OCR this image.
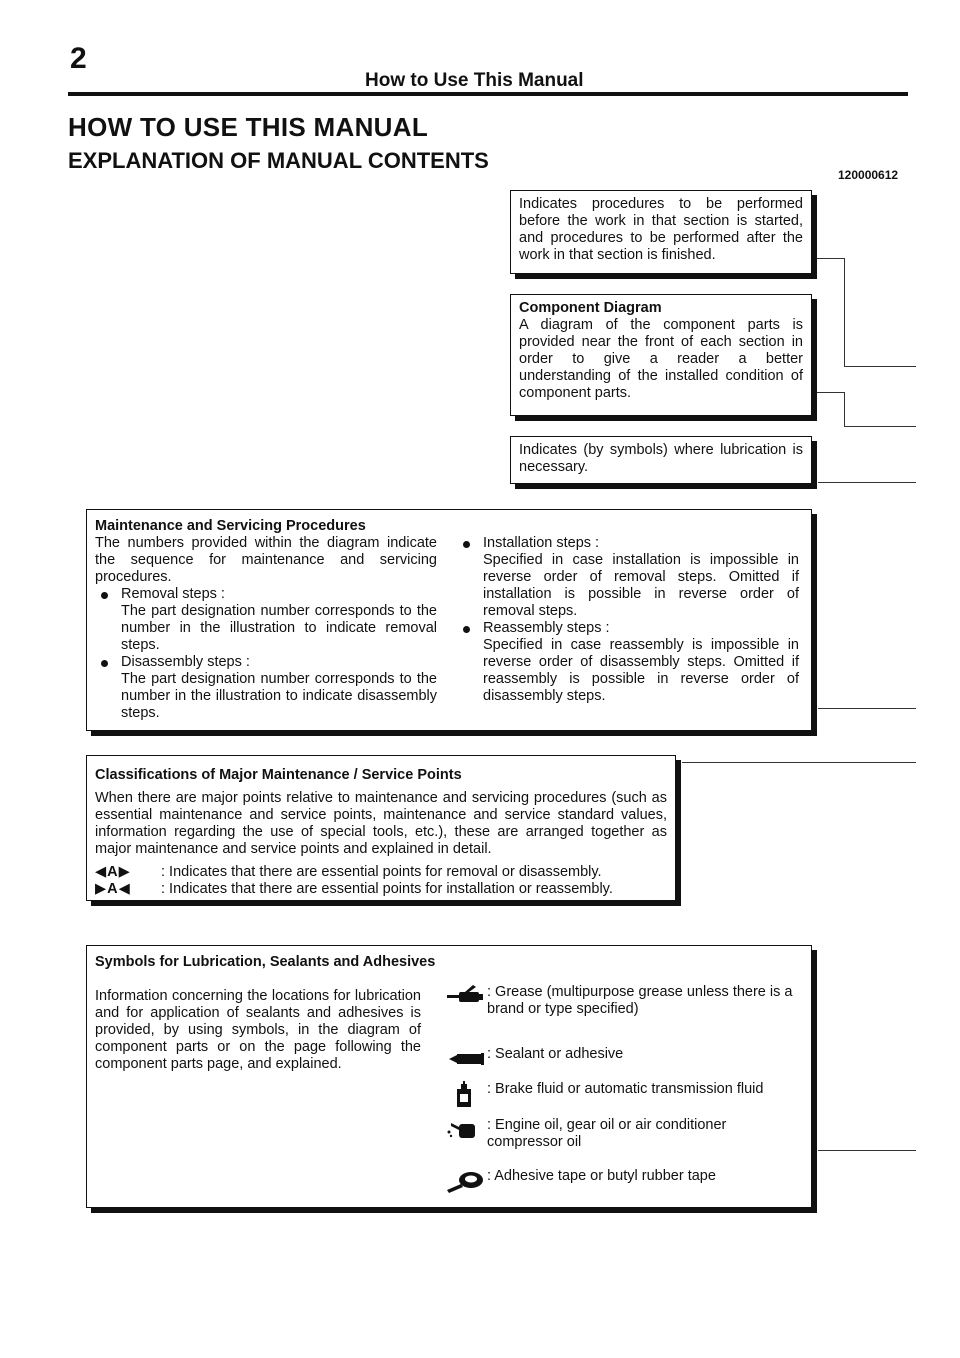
2
How to Use This Manual
HOW TO USE THIS MANUAL
EXPLANATION OF MANUAL CONTENTS
120000612

Indicates procedures to be performed before the work in that section is started, and procedures to be performed after the work in that section is finished.

Component Diagram

A diagram of the component parts is provided near the front of each section in order to give a reader a better understanding of the installed condition of component parts.

Indicates (by symbols) where lubrication is necessary.

Maintenance and Servicing Procedures

The numbers provided within the diagram indicate the sequence for maintenance and servicing procedures.

Removal steps :

The part designation number corresponds to the number in the illustration to indicate removal steps.

Disassembly steps :

The part designation number corresponds to the number in the illustration to indicate disassembly steps.

Installation steps :

Specified in case installation is impossible in reverse order of removal steps. Omitted if installation is possible in reverse order of removal steps.

Reassembly steps :

Specified in case reassembly is impossible in reverse order of disassembly steps. Omitted if reassembly is possible in reverse order of disassembly steps.

Classifications of Major Maintenance / Service Points

When there are major points relative to maintenance and servicing procedures (such as essential maintenance and service points, maintenance and service standard values, information regarding the use of special tools, etc.), these are arranged together as major maintenance and service points and explained in detail.

◀A▶	: Indicates that there are essential points for removal or disassembly.
▶A◀	: Indicates that there are essential points for installation or reassembly.

Symbols for Lubrication, Sealants and Adhesives

Information concerning the locations for lubrication and for application of sealants and adhesives is provided, by using symbols, in the diagram of component parts or on the page following the component parts page, and explained.

: Grease (multipurpose grease unless there is a brand or type specified)
: Sealant or adhesive
: Brake fluid or automatic transmission fluid
: Engine oil, gear oil or air conditioner compressor oil
: Adhesive tape or butyl rubber tape
